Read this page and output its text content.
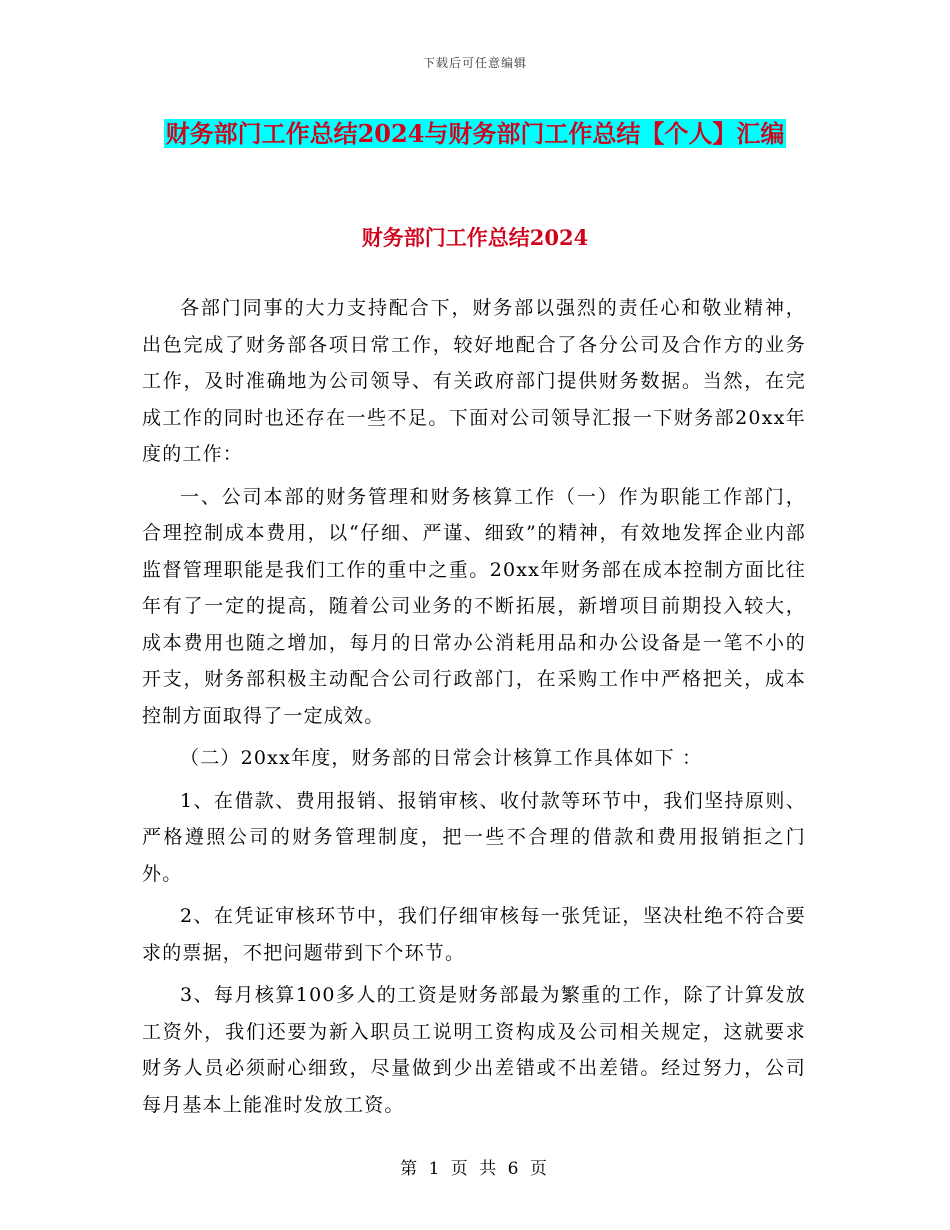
下载后可任意编辑
财务部门工作总结2024与财务部门工作总结【个人】汇编
财务部门工作总结2024

各部门同事的大力支持配合下，财务部以强烈的责任心和敬业精神，出色完成了财务部各项日常工作，较好地配合了各分公司及合作方的业务工作，及时准确地为公司领导、有关政府部门提供财务数据。当然，在完成工作的同时也还存在一些不足。下面对公司领导汇报一下财务部20xx年度的工作：

一、公司本部的财务管理和财务核算工作（一）作为职能工作部门，合理控制成本费用，以“仔细、严谨、细致”的精神，有效地发挥企业内部监督管理职能是我们工作的重中之重。20xx年财务部在成本控制方面比往年有了一定的提高，随着公司业务的不断拓展，新增项目前期投入较大，成本费用也随之增加，每月的日常办公消耗用品和办公设备是一笔不小的开支，财务部积极主动配合公司行政部门，在采购工作中严格把关，成本控制方面取得了一定成效。

（二）20xx年度，财务部的日常会计核算工作具体如下 ：

1、在借款、费用报销、报销审核、收付款等环节中，我们坚持原则、严格遵照公司的财务管理制度，把一些不合理的借款和费用报销拒之门外。

2、在凭证审核环节中，我们仔细审核每一张凭证，坚决杜绝不符合要求的票据，不把问题带到下个环节。

3、每月核算100多人的工资是财务部最为繁重的工作，除了计算发放工资外，我们还要为新入职员工说明工资构成及公司相关规定，这就要求财务人员必须耐心细致，尽量做到少出差错或不出差错。经过努力，公司每月基本上能准时发放工资。

第 1 页 共 6 页
